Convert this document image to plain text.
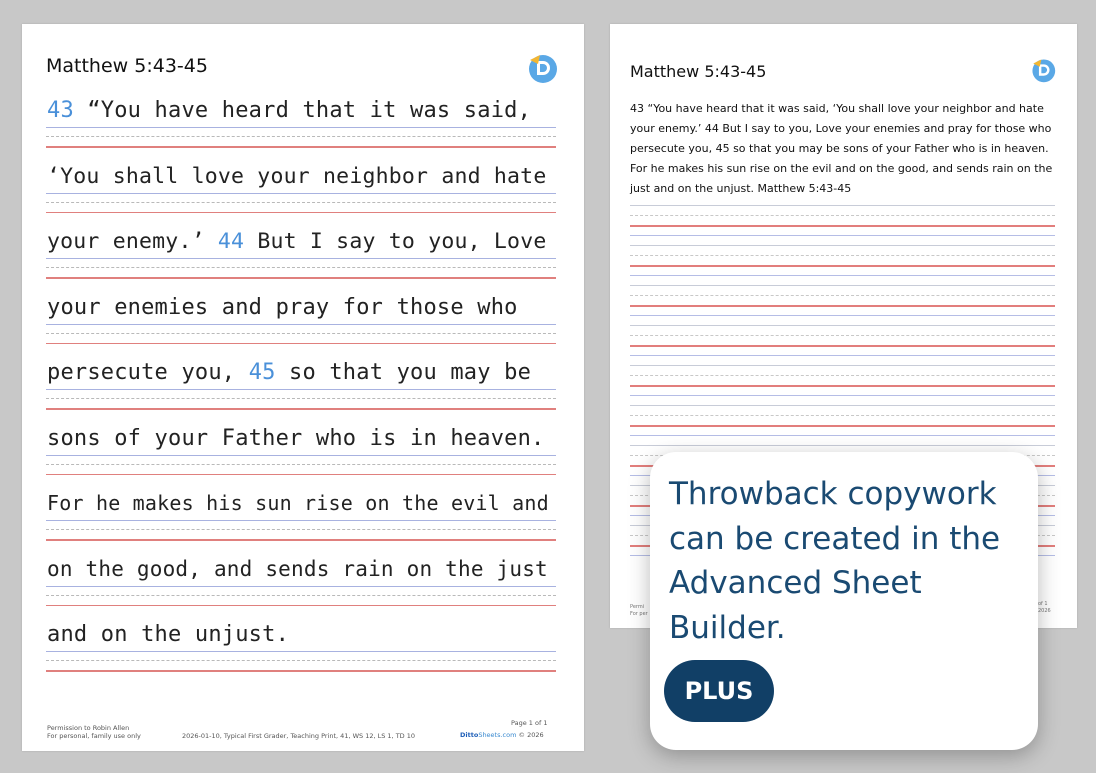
Matthew 5:43-45
43 “You have heard that it was said,
‘You shall love your neighbor and hate
your enemy.’ 44 But I say to you, Love
your enemies and pray for those who
persecute you, 45 so that you may be
sons of your Father who is in heaven.
For he makes his sun rise on the evil and
on the good, and sends rain on the just
and on the unjust.
Permission to Robin Allen
For personal, family use only	2026-01-10, Typical First Grader, Teaching Print, 41, WS 12, LS 1, TD 10
Page 1 of 1
DittoSheets.com © 2026
Matthew 5:43-45
43 “You have heard that it was said, ‘You shall love your neighbor and hate your enemy.’ 44 But I say to you, Love your enemies and pray for those who persecute you, 45 so that you may be sons of your Father who is in heaven. For he makes his sun rise on the evil and on the good, and sends rain on the just and on the unjust. Matthew 5:43-45
Permi
For per
of 1
2026
Throwback copywork can be created in the Advanced Sheet Builder.
PLUS
